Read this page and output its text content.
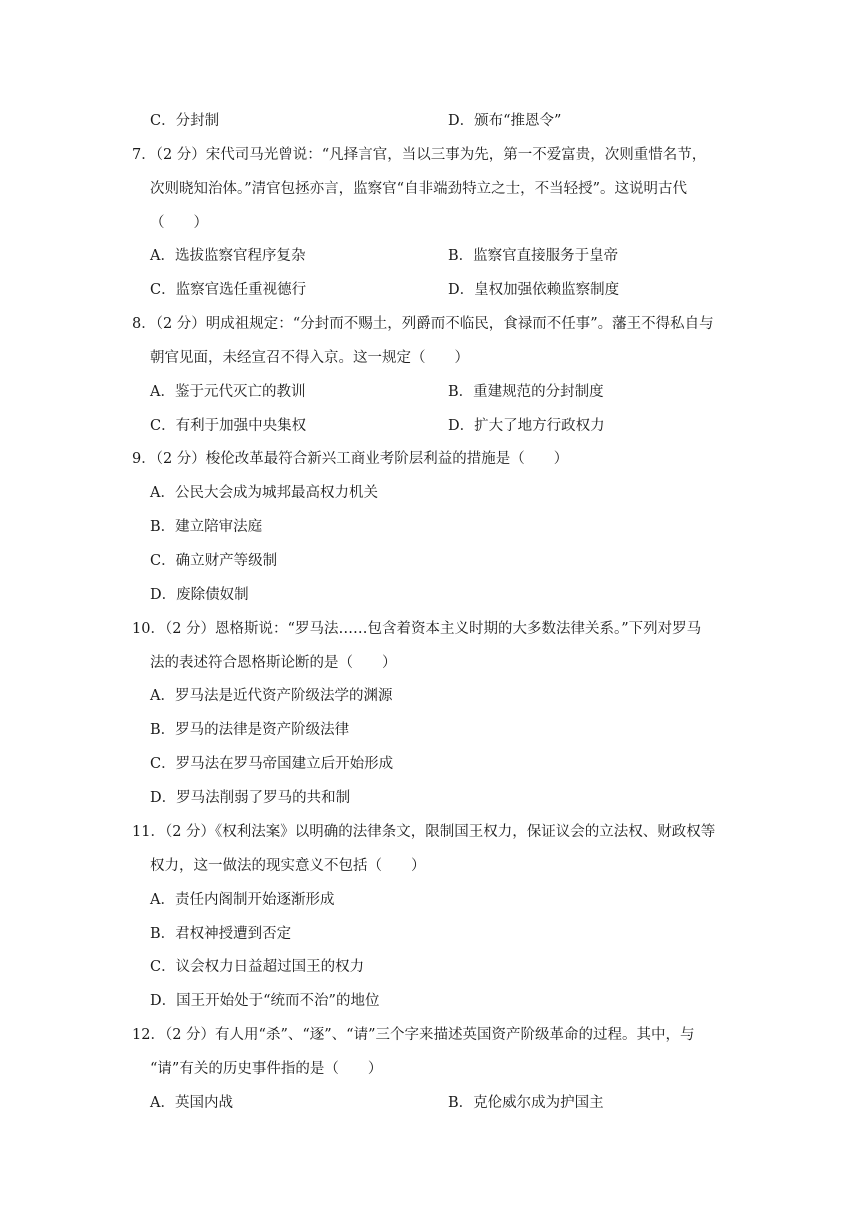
C．分封制	D．颁布“推恩令”
7．（2 分）宋代司马光曾说：“凡择言官，当以三事为先，第一不爱富贵，次则重惜名节，
次则晓知治体。”清官包拯亦言，监察官“自非端劲特立之士，不当轻授”。这说明古代
（　　）
A．选拔监察官程序复杂	B．监察官直接服务于皇帝
C．监察官选任重视德行	D．皇权加强依赖监察制度
8．（2 分）明成祖规定：“分封而不赐土，列爵而不临民，食禄而不任事”。藩王不得私自与
朝官见面，未经宣召不得入京。这一规定（　　）
A．鉴于元代灭亡的教训	B．重建规范的分封制度
C．有利于加强中央集权	D．扩大了地方行政权力
9．（2 分）梭伦改革最符合新兴工商业考阶层利益的措施是（　　）
A．公民大会成为城邦最高权力机关
B．建立陪审法庭
C．确立财产等级制
D．废除债奴制
10．（2 分）恩格斯说：“罗马法……包含着资本主义时期的大多数法律关系。”下列对罗马
法的表述符合恩格斯论断的是（　　）
A．罗马法是近代资产阶级法学的渊源
B．罗马的法律是资产阶级法律
C．罗马法在罗马帝国建立后开始形成
D．罗马法削弱了罗马的共和制
11．（2 分）《权利法案》以明确的法律条文，限制国王权力，保证议会的立法权、财政权等
权力，这一做法的现实意义不包括（　　）
A．责任内阁制开始逐渐形成
B．君权神授遭到否定
C．议会权力日益超过国王的权力
D．国王开始处于“统而不治”的地位
12．（2 分）有人用“杀”、“逐”、“请”三个字来描述英国资产阶级革命的过程。其中，与
“请”有关的历史事件指的是（　　）
A．英国内战	B．克伦威尔成为护国主
